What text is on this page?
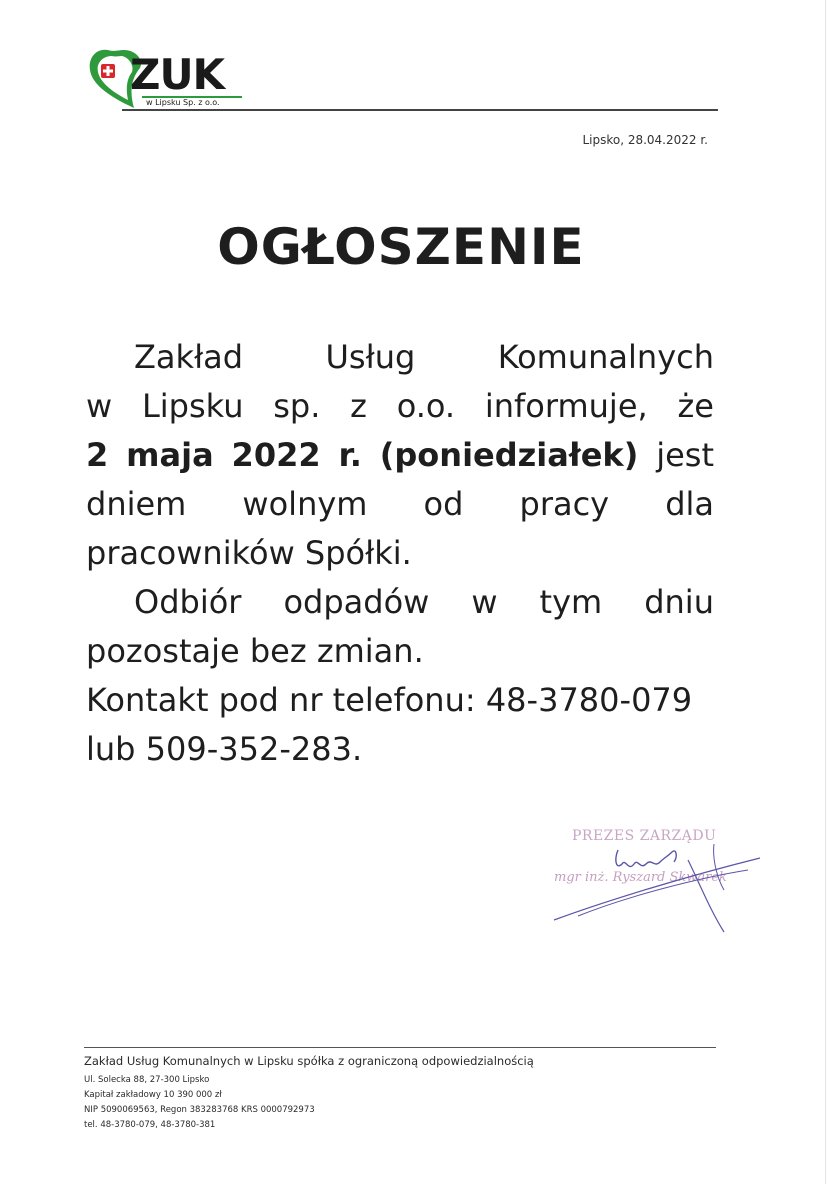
ZUK
w Lipsku Sp. z o.o.
Lipsko, 28.04.2022 r.
OGŁOSZENIE

Zakład	Usług	Komunalnych

w Lipsku sp. z o.o. informuje, że

2 maja 2022 r. (poniedziałek) jest

dniem wolnym od pracy dla

pracowników Spółki.

Odbiór odpadów w tym dniu

pozostaje bez zmian.

Kontakt pod nr telefonu: 48-3780-079

lub 509-352-283.

PREZES ZARZĄDU
mgr inż. Ryszard Skwarek
Zakład Usług Komunalnych w Lipsku spółka z ograniczoną odpowiedzialnością
Ul. Solecka 88, 27-300 Lipsko
Kapitał zakładowy 10 390 000 zł
NIP 5090069563, Regon 383283768 KRS 0000792973
tel. 48-3780-079, 48-3780-381
